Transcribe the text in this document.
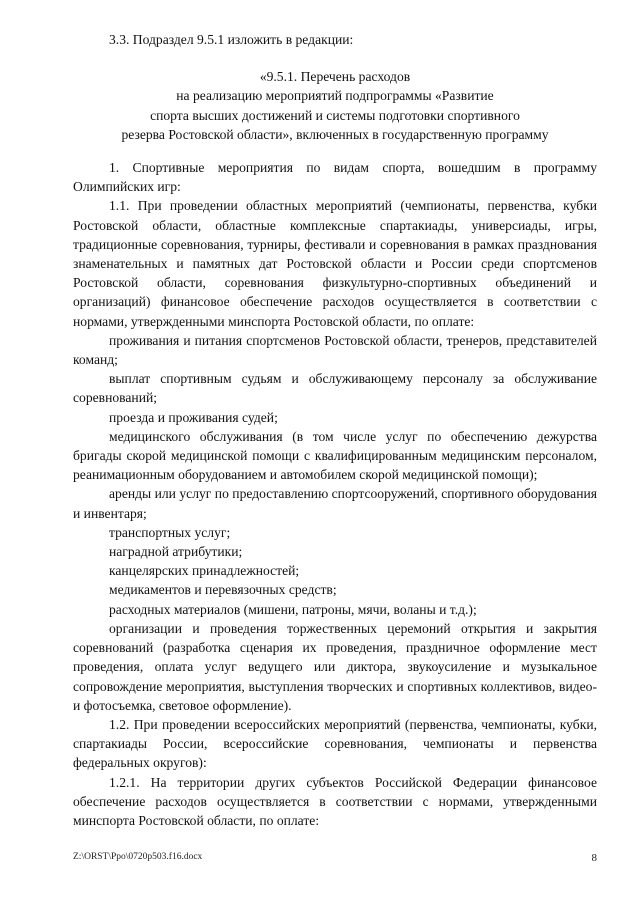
3.3. Подраздел 9.5.1 изложить в редакции:

«9.5.1. Перечень расходов
на реализацию мероприятий подпрограммы «Развитие
спорта высших достижений и системы подготовки спортивного
резерва Ростовской области», включенных в государственную программу

1. Спортивные мероприятия по видам спорта, вошедшим в программу Олимпийских игр:

1.1. При проведении областных мероприятий (чемпионаты, первенства, кубки Ростовской области, областные комплексные спартакиады, универсиады, игры, традиционные соревнования, турниры, фестивали и соревнования в рамках празднования знаменательных и памятных дат Ростовской области и России среди спортсменов Ростовской области, соревнования физкультурно-спортивных объединений и организаций) финансовое обеспечение расходов осуществляется в соответствии с нормами, утвержденными минспорта Ростовской области, по оплате:

проживания и питания спортсменов Ростовской области, тренеров, представителей команд;

выплат спортивным судьям и обслуживающему персоналу за обслуживание соревнований;

проезда и проживания судей;

медицинского обслуживания (в том числе услуг по обеспечению дежурства бригады скорой медицинской помощи с квалифицированным медицинским персоналом, реанимационным оборудованием и автомобилем скорой медицинской помощи);

аренды или услуг по предоставлению спортсооружений, спортивного оборудования и инвентаря;

транспортных услуг;

наградной атрибутики;

канцелярских принадлежностей;

медикаментов и перевязочных средств;

расходных материалов (мишени, патроны, мячи, воланы и т.д.);

организации и проведения торжественных церемоний открытия и закрытия соревнований (разработка сценария их проведения, праздничное оформление мест проведения, оплата услуг ведущего или диктора, звукоусиление и музыкальное сопровождение мероприятия, выступления творческих и спортивных коллективов, видео- и фотосъемка, световое оформление).

1.2. При проведении всероссийских мероприятий (первенства, чемпионаты, кубки, спартакиады России, всероссийские соревнования, чемпионаты и первенства федеральных округов):

1.2.1. На территории других субъектов Российской Федерации финансовое обеспечение расходов осуществляется в соответствии с нормами, утвержденными минспорта Ростовской области, по оплате:

Z:\ORST\Ppo\0720p503.f16.docx	8
